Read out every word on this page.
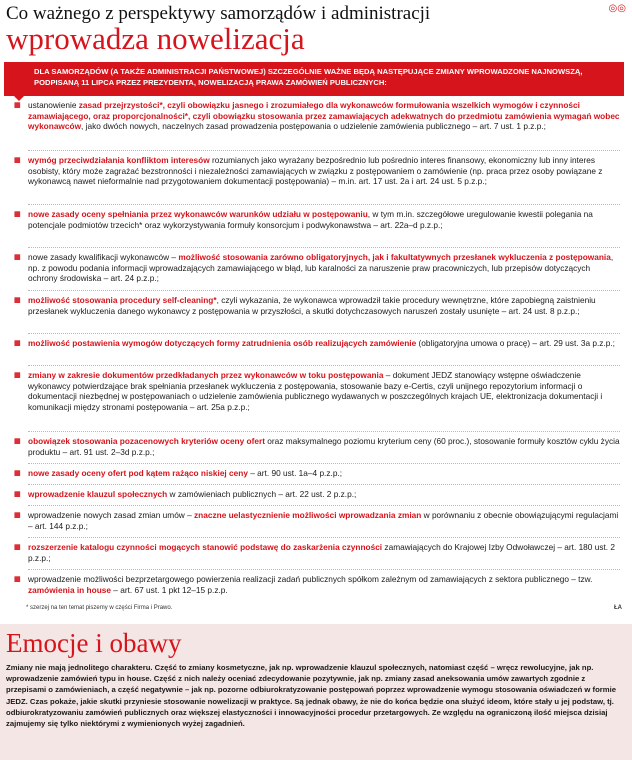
Co ważnego z perspektywy samorządów i administracji
wprowadza nowelizacja
◎◎
DLA SAMORZĄDÓW (A TAKŻE ADMINISTRACJI PAŃSTWOWEJ) SZCZEGÓLNIE WAŻNE BĘDĄ NASTĘPUJĄCE ZMIANY WPROWADZONE NAJNOWSZĄ, PODPISANĄ 11 LIPCA PRZEZ PREZYDENTA, NOWELIZACJĄ PRAWA ZAMÓWIEŃ PUBLICZNYCH:
▦ ustanowienie zasad przejrzystości*, czyli obowiązku jasnego i zrozumiałego dla wykonawców formułowania wszelkich wymogów i czynności zamawiającego, oraz proporcjonalności*, czyli obowiązku stosowania przez zamawiających adekwatnych do przedmiotu zamówienia wymagań wobec wykonawców, jako dwóch nowych, naczelnych zasad prowadzenia postępowania o udzielenie zamówienia publicznego – art. 7 ust. 1 p.z.p.;
▦ wymóg przeciwdziałania konfliktom interesów rozumianych jako wyrażany bezpośrednio lub pośrednio interes finansowy, ekonomiczny lub inny interes osobisty, który może zagrażać bezstronności i niezależności zamawiających w związku z postępowaniem o zamówienie (np. praca przez osoby powiązane z wykonawcą nawet nieformalnie nad przygotowaniem dokumentacji postępowania) – m.in. art. 17 ust. 2a i art. 24 ust. 5 p.z.p.;
▦ nowe zasady oceny spełniania przez wykonawców warunków udziału w postępowaniu, w tym m.in. szczegółowe uregulowanie kwestii polegania na potencjale podmiotów trzecich* oraz wykorzystywania formuły konsorcjum i podwykonawstwa – art. 22a–d p.z.p.;
▦ nowe zasady kwalifikacji wykonawców – możliwość stosowania zarówno obligatoryjnych, jak i fakultatywnych przesłanek wykluczenia z postępowania, np. z powodu podania informacji wprowadzających zamawiającego w błąd, lub karalności za naruszenie praw pracowniczych, lub przepisów dotyczących ochrony środowiska – art. 24 p.z.p.;
▦ możliwość stosowania procedury self-cleaning*, czyli wykazania, że wykonawca wprowadził takie procedury wewnętrzne, które zapobiegną zaistnieniu przesłanek wykluczenia danego wykonawcy z postępowania w przyszłości, a skutki dotychczasowych naruszeń zostały usunięte – art. 24 ust. 8 p.z.p.;
▦ możliwość postawienia wymogów dotyczących formy zatrudnienia osób realizujących zamówienie (obligatoryjna umowa o pracę) – art. 29 ust. 3a p.z.p.;
▦ zmiany w zakresie dokumentów przedkładanych przez wykonawców w toku postępowania – dokument JEDZ stanowiący wstępne oświadczenie wykonawcy potwierdzające brak spełniania przesłanek wykluczenia z postępowania, stosowanie bazy e-Certis, czyli unijnego repozytorium informacji o dokumentacji niezbędnej w postępowaniach o udzielenie zamówienia publicznego wydawanych w poszczególnych krajach UE, elektronizacja dokumentacji i komunikacji między stronami postępowania – art. 25a p.z.p.;
▦ obowiązek stosowania pozacenowych kryteriów oceny ofert oraz maksymalnego poziomu kryterium ceny (60 proc.), stosowanie formuły kosztów cyklu życia produktu – art. 91 ust. 2–3d p.z.p.;
▦ nowe zasady oceny ofert pod kątem rażąco niskiej ceny – art. 90 ust. 1a–4 p.z.p.;
▦ wprowadzenie klauzul społecznych w zamówieniach publicznych – art. 22 ust. 2 p.z.p.;
▦ wprowadzenie nowych zasad zmian umów – znaczne uelastycznienie możliwości wprowadzania zmian w porównaniu z obecnie obowiązującymi regulacjami – art. 144 p.z.p.;
▦ rozszerzenie katalogu czynności mogących stanowić podstawę do zaskarżenia czynności zamawiających do Krajowej Izby Odwoławczej – art. 180 ust. 2 p.z.p.;
▦ wprowadzenie możliwości bezprzetargowego powierzenia realizacji zadań publicznych spółkom zależnym od zamawiających z sektora publicznego – tzw. zamówienia in house – art. 67 ust. 1 pkt 12–15 p.z.p.
* szerzej na ten temat piszemy w części Firma i Prawo.	ŁA
Emocje i obawy
Zmiany nie mają jednolitego charakteru. Część to zmiany kosmetyczne, jak np. wprowadzenie klauzul społecznych, natomiast część – wręcz rewolucyjne, jak np. wprowadzenie zamówień typu in house. Część z nich należy oceniać zdecydowanie pozytywnie, jak np. zmiany zasad aneksowania umów zawartych zgodnie z przepisami o zamówieniach, a część negatywnie – jak np. pozorne odbiurokratyzowanie postępowań poprzez wprowadzenie wymogu stosowania oświadczeń w formie JEDZ. Czas pokaże, jakie skutki przyniesie stosowanie nowelizacji w praktyce. Są jednak obawy, że nie do końca będzie ona służyć ideom, które stały u jej podstaw, tj. odbiurokratyzowaniu zamówień publicznych oraz większej elastyczności i innowacyjności procedur przetargowych. Ze względu na ograniczoną ilość miejsca dzisiaj zajmujemy się tylko niektórymi z wymienionych wyżej zagadnień.
